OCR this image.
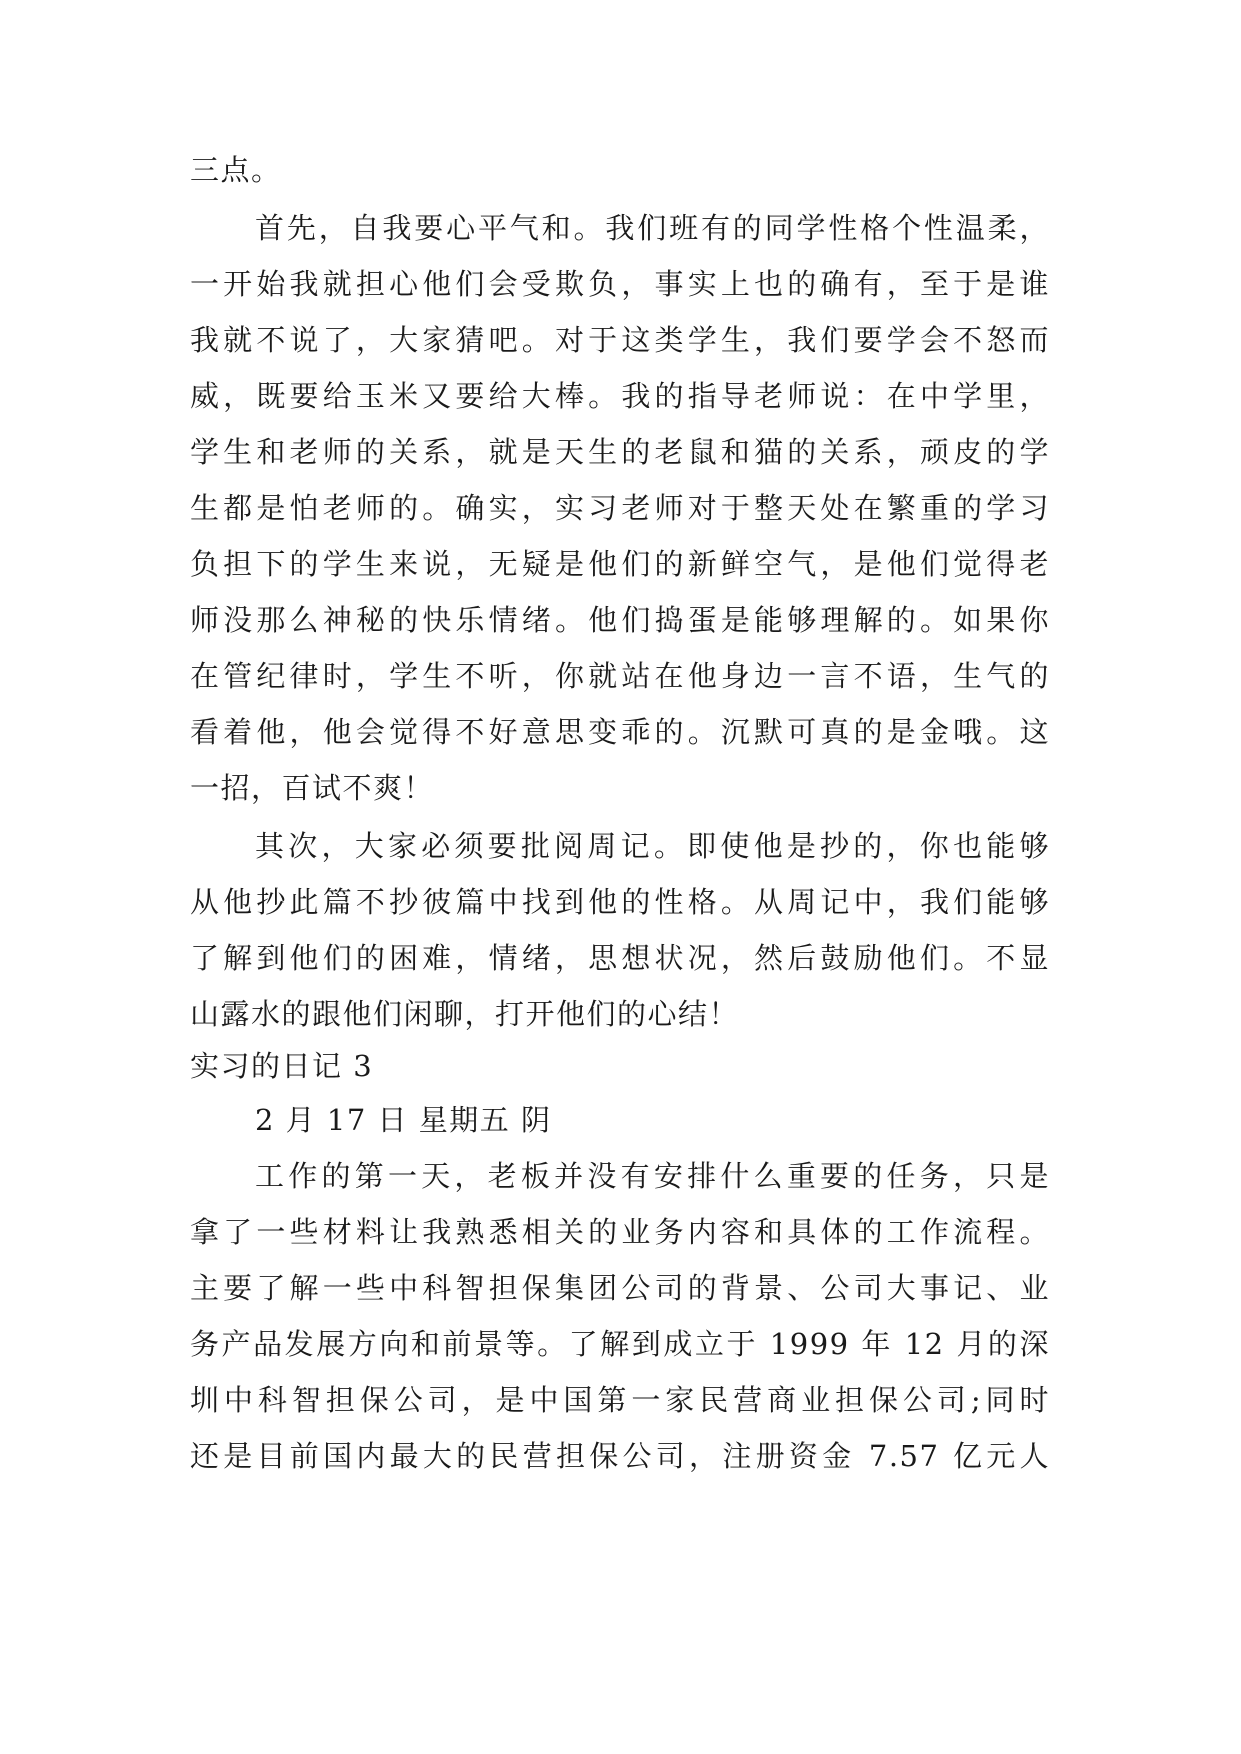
三点。
首先，自我要心平气和。我们班有的同学性格个性温柔，
一开始我就担心他们会受欺负，事实上也的确有，至于是谁
我就不说了，大家猜吧。对于这类学生，我们要学会不怒而
威，既要给玉米又要给大棒。我的指导老师说：在中学里，
学生和老师的关系，就是天生的老鼠和猫的关系，顽皮的学
生都是怕老师的。确实，实习老师对于整天处在繁重的学习
负担下的学生来说，无疑是他们的新鲜空气，是他们觉得老
师没那么神秘的快乐情绪。他们捣蛋是能够理解的。如果你
在管纪律时，学生不听，你就站在他身边一言不语，生气的
看着他，他会觉得不好意思变乖的。沉默可真的是金哦。这
一招，百试不爽！
其次，大家必须要批阅周记。即使他是抄的，你也能够
从他抄此篇不抄彼篇中找到他的性格。从周记中，我们能够
了解到他们的困难，情绪，思想状况，然后鼓励他们。不显
山露水的跟他们闲聊，打开他们的心结！
实习的日记 3
2 月 17 日 星期五 阴
工作的第一天，老板并没有安排什么重要的任务，只是
拿了一些材料让我熟悉相关的业务内容和具体的工作流程。
主要了解一些中科智担保集团公司的背景、公司大事记、业
务产品发展方向和前景等。了解到成立于 1999 年 12 月的深
圳中科智担保公司，是中国第一家民营商业担保公司;同时
还是目前国内最大的民营担保公司，注册资金 7.57 亿元人
